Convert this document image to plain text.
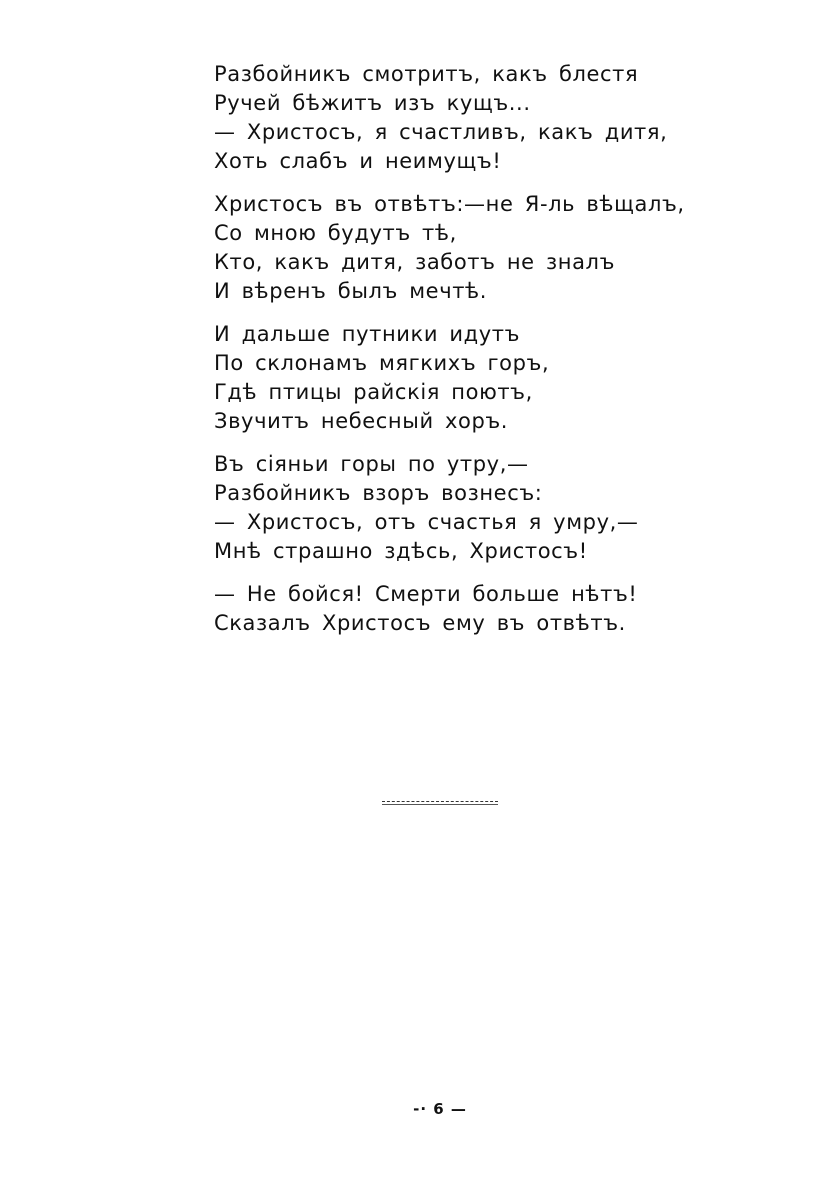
Разбойникъ смотритъ, какъ блестя
Ручей бѣжитъ изъ кущъ...
— Христосъ, я счастливъ, какъ дитя,
Хоть слабъ и неимущъ!
Христосъ въ отвѣтъ:—не Я-ль вѣщалъ,
Со мною будутъ тѣ,
Кто, какъ дитя, заботъ не зналъ
И вѣренъ былъ мечтѣ.
И дальше путники идутъ
По склонамъ мягкихъ горъ,
Гдѣ птицы райскія поютъ,
Звучитъ небесный хоръ.
Въ сіяньи горы по утру,—
Разбойникъ взоръ вознесъ:
— Христосъ, отъ счастья я умру,—
Мнѣ страшно здѣсь, Христосъ!
— Не бойся! Смерти больше нѣтъ!
Сказалъ Христосъ ему въ отвѣтъ.
-· 6 —
